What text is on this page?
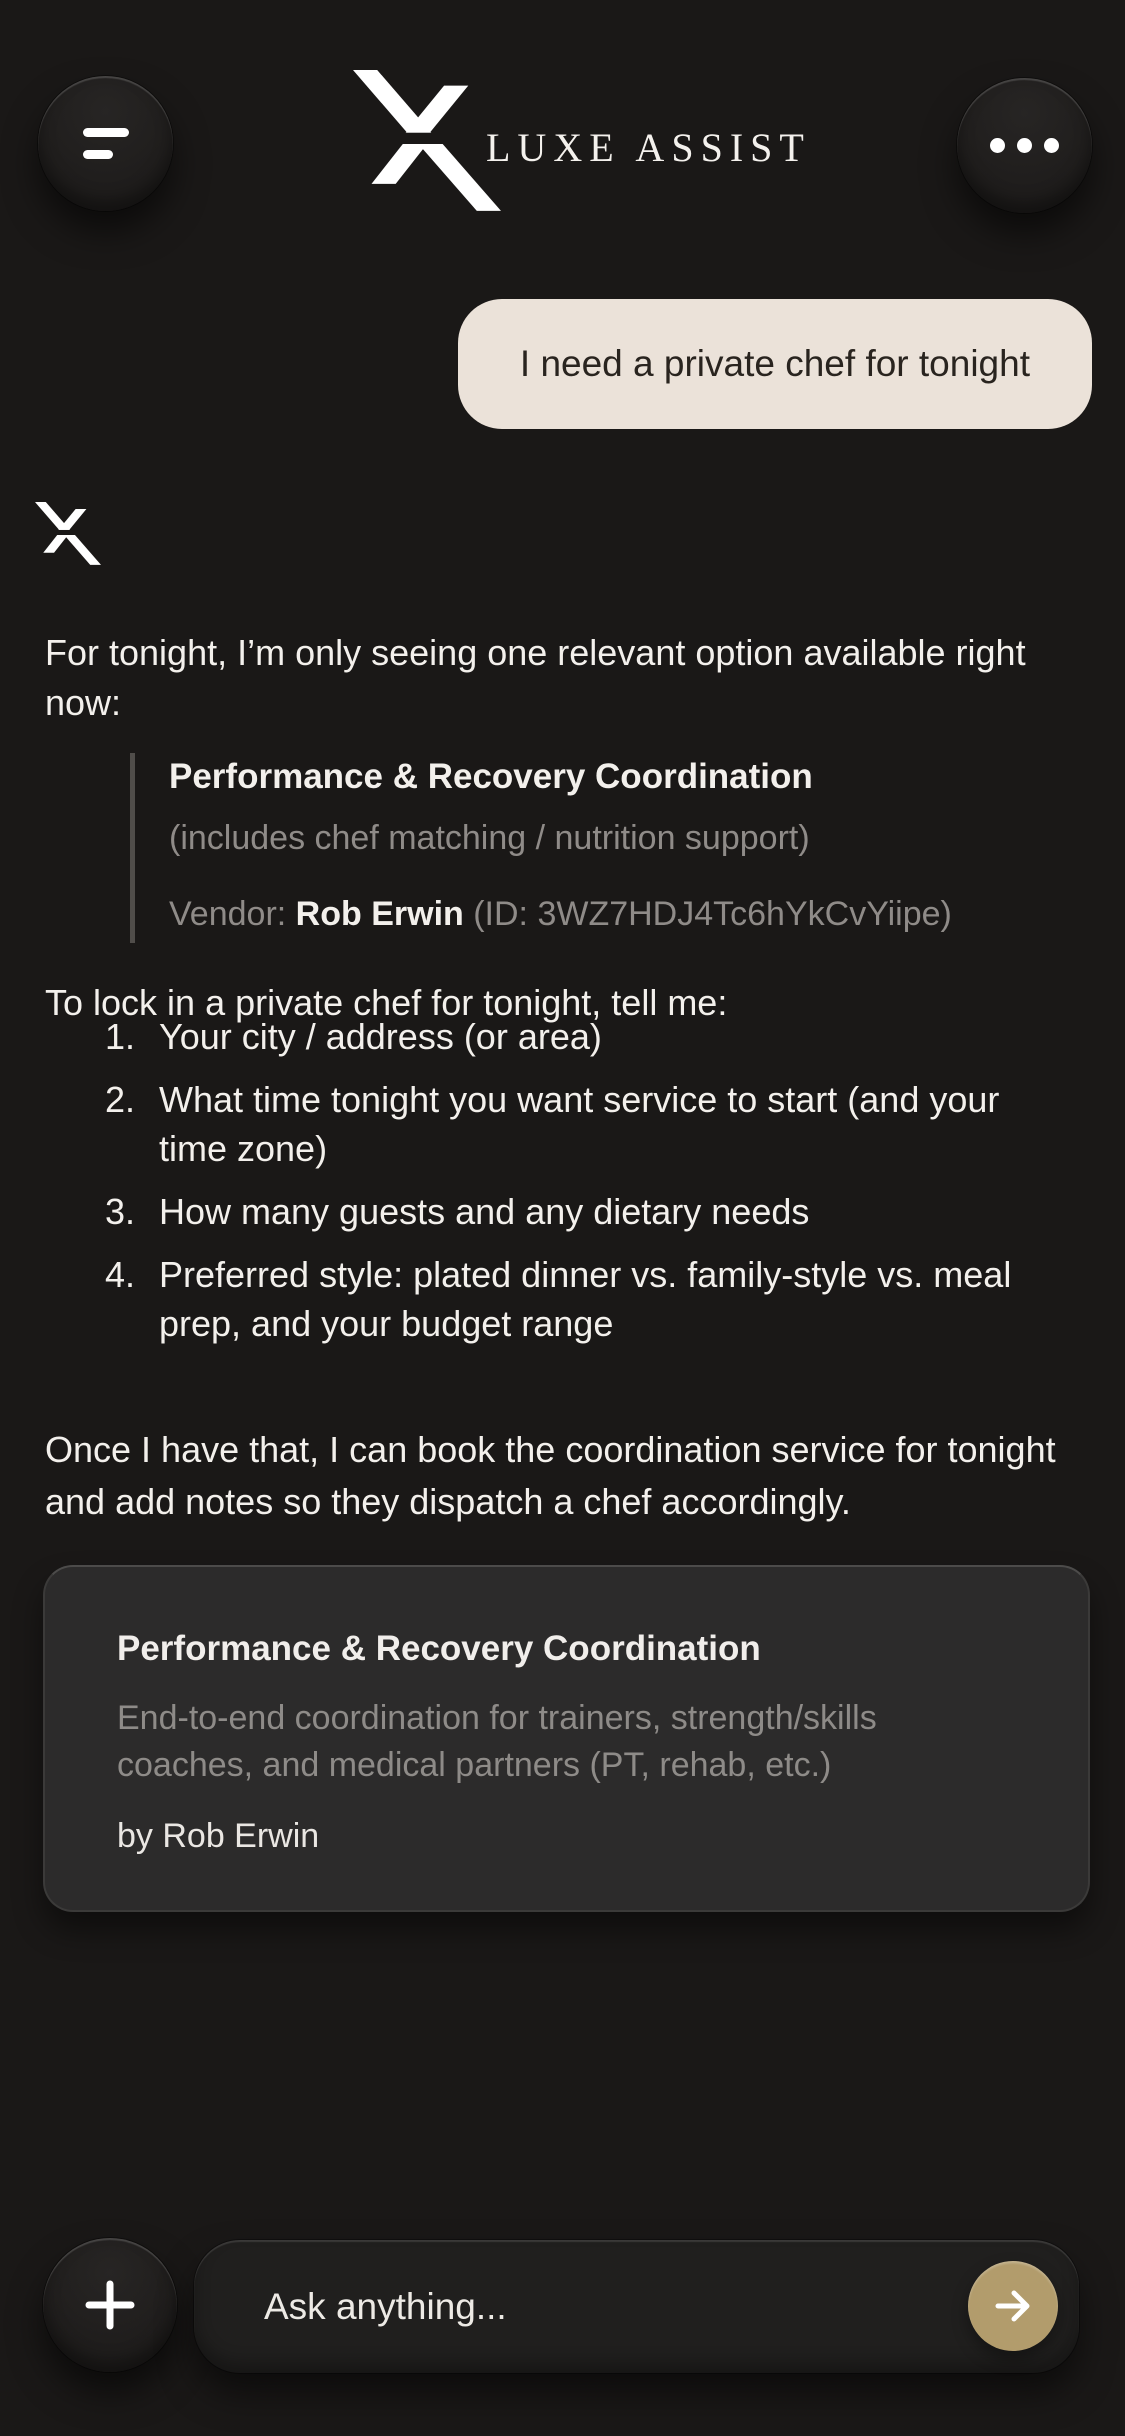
LUXE ASSIST
I need a private chef for tonight

For tonight, I’m only seeing one relevant option available right now:

Performance & Recovery Coordination
(includes chef matching / nutrition support)
Vendor: Rob Erwin (ID: 3WZ7HDJ4Tc6hYkCvYiipe)

To lock in a private chef for tonight, tell me:

1. Your city / address (or area)
2. What time tonight you want service to start (and your time zone)
3. How many guests and any dietary needs
4. Preferred style: plated dinner vs. family-style vs. meal prep, and your budget range

Once I have that, I can book the coordination service for tonight and add notes so they dispatch a chef accordingly.

Performance & Recovery Coordination
End-to-end coordination for trainers, strength/skills coaches, and medical partners (PT, rehab, etc.)
by Rob Erwin
Ask anything...
